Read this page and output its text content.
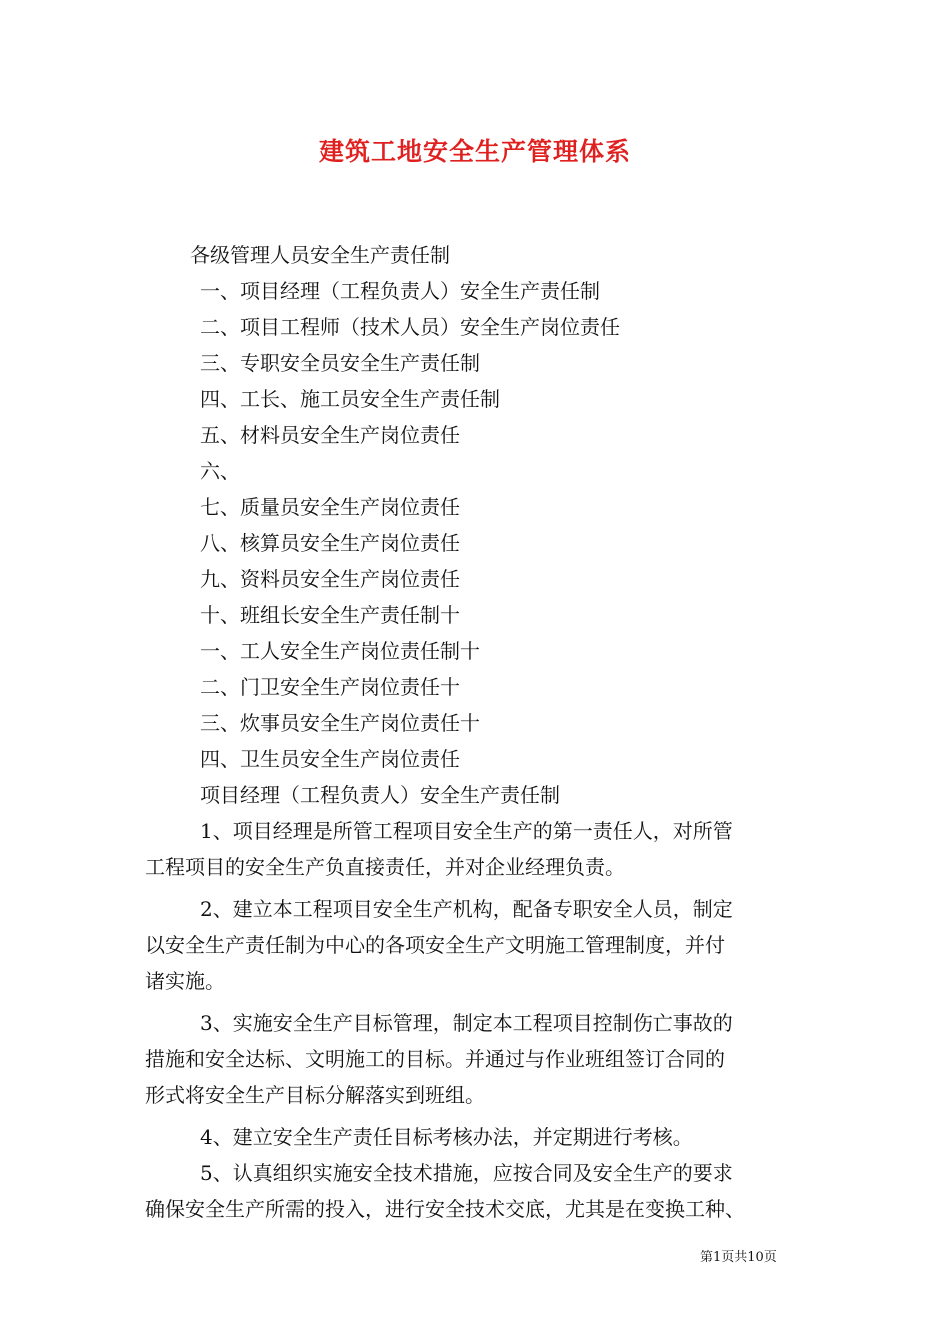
建筑工地安全生产管理体系
各级管理人员安全生产责任制
一、项目经理（工程负责人）安全生产责任制
二、项目工程师（技术人员）安全生产岗位责任
三、专职安全员安全生产责任制
四、工长、施工员安全生产责任制
五、材料员安全生产岗位责任
六、
七、质量员安全生产岗位责任
八、核算员安全生产岗位责任
九、资料员安全生产岗位责任
十、班组长安全生产责任制十
一、工人安全生产岗位责任制十
二、门卫安全生产岗位责任十
三、炊事员安全生产岗位责任十
四、卫生员安全生产岗位责任
项目经理（工程负责人）安全生产责任制
1、项目经理是所管工程项目安全生产的第一责任人，对所管
工程项目的安全生产负直接责任，并对企业经理负责。
2、建立本工程项目安全生产机构，配备专职安全人员，制定
以安全生产责任制为中心的各项安全生产文明施工管理制度，并付
诸实施。
3、实施安全生产目标管理，制定本工程项目控制伤亡事故的
措施和安全达标、文明施工的目标。并通过与作业班组签订合同的
形式将安全生产目标分解落实到班组。
4、建立安全生产责任目标考核办法，并定期进行考核。
5、认真组织实施安全技术措施，应按合同及安全生产的要求
确保安全生产所需的投入，进行安全技术交底，尤其是在变换工种、
第1页共10页
